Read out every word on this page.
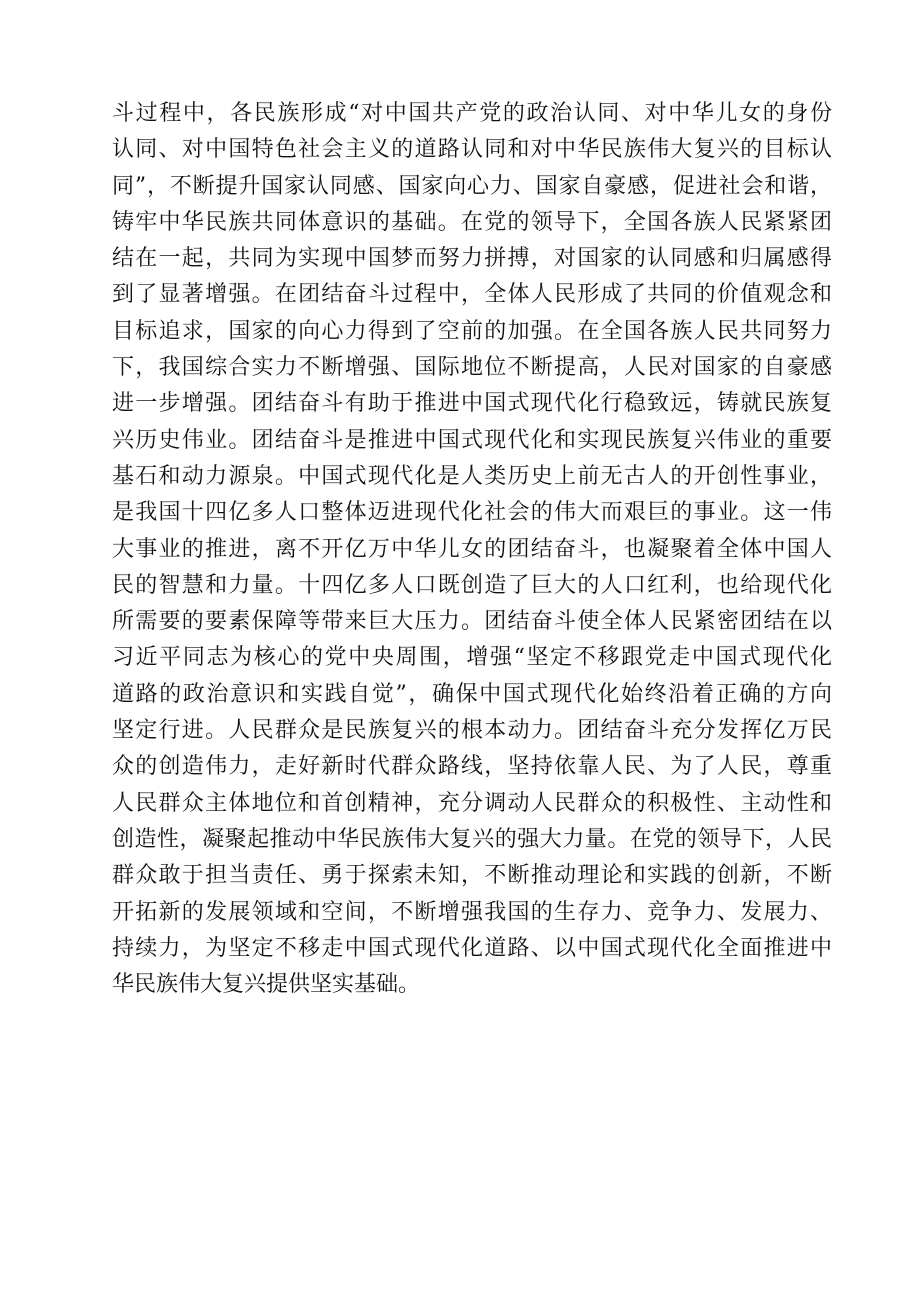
斗过程中，各民族形成“对中国共产党的政治认同、对中华儿女的身份
认同、对中国特色社会主义的道路认同和对中华民族伟大复兴的目标认
同”，不断提升国家认同感、国家向心力、国家自豪感，促进社会和谐，
铸牢中华民族共同体意识的基础。在党的领导下，全国各族人民紧紧团
结在一起，共同为实现中国梦而努力拼搏，对国家的认同感和归属感得
到了显著增强。在团结奋斗过程中，全体人民形成了共同的价值观念和
目标追求，国家的向心力得到了空前的加强。在全国各族人民共同努力
下，我国综合实力不断增强、国际地位不断提高，人民对国家的自豪感
进一步增强。团结奋斗有助于推进中国式现代化行稳致远，铸就民族复
兴历史伟业。团结奋斗是推进中国式现代化和实现民族复兴伟业的重要
基石和动力源泉。中国式现代化是人类历史上前无古人的开创性事业，
是我国十四亿多人口整体迈进现代化社会的伟大而艰巨的事业。这一伟
大事业的推进，离不开亿万中华儿女的团结奋斗，也凝聚着全体中国人
民的智慧和力量。十四亿多人口既创造了巨大的人口红利，也给现代化
所需要的要素保障等带来巨大压力。团结奋斗使全体人民紧密团结在以
习近平同志为核心的党中央周围，增强“坚定不移跟党走中国式现代化
道路的政治意识和实践自觉”，确保中国式现代化始终沿着正确的方向
坚定行进。人民群众是民族复兴的根本动力。团结奋斗充分发挥亿万民
众的创造伟力，走好新时代群众路线，坚持依靠人民、为了人民，尊重
人民群众主体地位和首创精神，充分调动人民群众的积极性、主动性和
创造性，凝聚起推动中华民族伟大复兴的强大力量。在党的领导下，人民
群众敢于担当责任、勇于探索未知，不断推动理论和实践的创新，不断
开拓新的发展领域和空间，不断增强我国的生存力、竞争力、发展力、
持续力，为坚定不移走中国式现代化道路、以中国式现代化全面推进中
华民族伟大复兴提供坚实基础。
